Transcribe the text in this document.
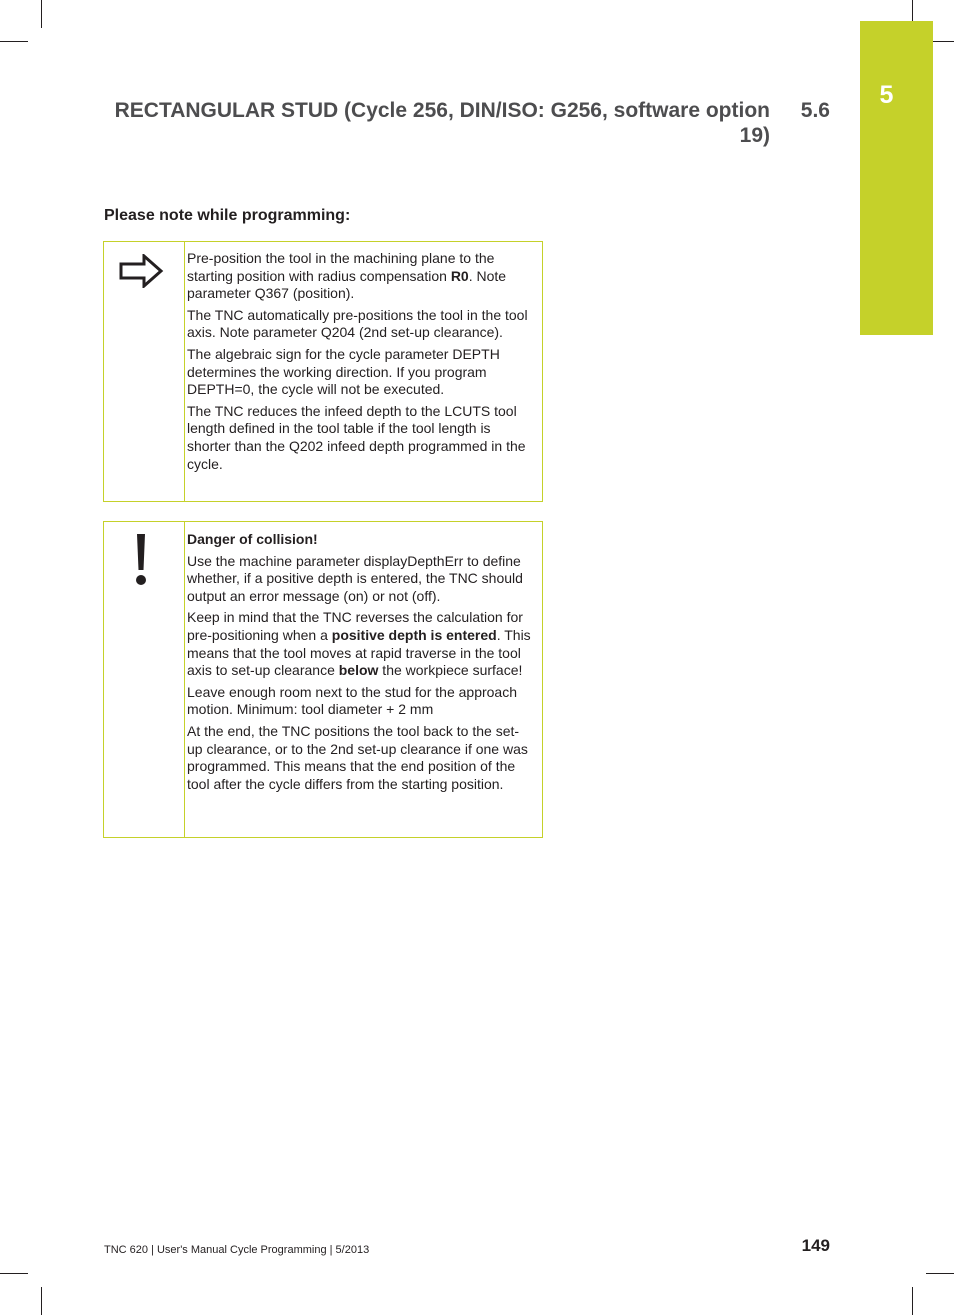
5
RECTANGULAR STUD (Cycle 256, DIN/ISO: G256, software option 19)
5.6
Please note while programming:

Pre-position the tool in the machining plane to the starting position with radius compensation R0. Note parameter Q367 (position).

The TNC automatically pre-positions the tool in the tool axis. Note parameter Q204 (2nd set-up clearance).

The algebraic sign for the cycle parameter DEPTH determines the working direction. If you program DEPTH=0, the cycle will not be executed.

The TNC reduces the infeed depth to the LCUTS tool length defined in the tool table if the tool length is shorter than the Q202 infeed depth programmed in the cycle.

Danger of collision!

Use the machine parameter displayDepthErr to define whether, if a positive depth is entered, the TNC should output an error message (on) or not (off).

Keep in mind that the TNC reverses the calculation for pre-positioning when a positive depth is entered. This means that the tool moves at rapid traverse in the tool axis to set-up clearance below the workpiece surface!

Leave enough room next to the stud for the approach motion. Minimum: tool diameter + 2 mm

At the end, the TNC positions the tool back to the set-up clearance, or to the 2nd set-up clearance if one was programmed. This means that the end position of the tool after the cycle differs from the starting position.

TNC 620 | User's Manual Cycle Programming | 5/2013	149
